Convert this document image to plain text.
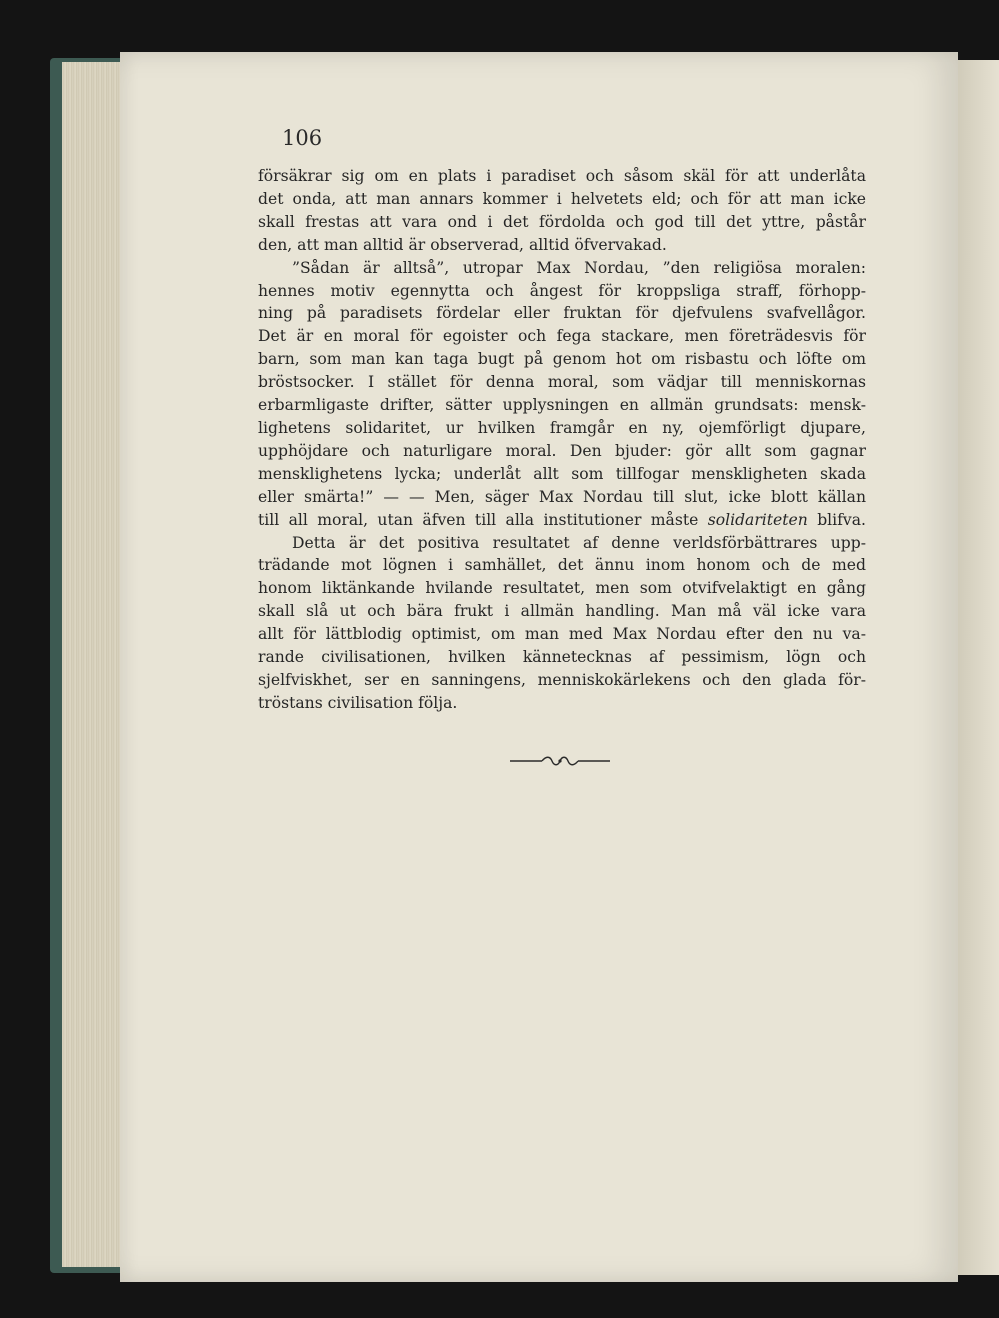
106
försäkrar sig om en plats i paradiset och såsom skäl för att underlåta
det onda, att man annars kommer i helvetets eld; och för att man icke
skall frestas att vara ond i det fördolda och god till det yttre, påstår
den, att man alltid är observerad, alltid öfvervakad.
”Sådan är alltså”, utropar Max Nordau, ”den religiösa moralen:
hennes motiv egennytta och ångest för kroppsliga straff, förhopp-
ning på paradisets fördelar eller fruktan för djefvulens svafvellågor.
Det är en moral för egoister och fega stackare, men företrädesvis för
barn, som man kan taga bugt på genom hot om risbastu och löfte om
bröstsocker. I stället för denna moral, som vädjar till menniskornas
erbarmligaste drifter, sätter upplysningen en allmän grundsats: mensk-
lighetens solidaritet, ur hvilken framgår en ny, ojemförligt djupare,
upphöjdare och naturligare moral. Den bjuder: gör allt som gagnar
mensklighetens lycka; underlåt allt som tillfogar menskligheten skada
eller smärta!” — — Men, säger Max Nordau till slut, icke blott källan
till all moral, utan äfven till alla institutioner måste solidariteten blifva.
Detta är det positiva resultatet af denne verldsförbättrares upp-
trädande mot lögnen i samhället, det ännu inom honom och de med
honom liktänkande hvilande resultatet, men som otvifvelaktigt en gång
skall slå ut och bära frukt i allmän handling. Man må väl icke vara
allt för lättblodig optimist, om man med Max Nordau efter den nu va-
rande civilisationen, hvilken kännetecknas af pessimism, lögn och
sjelfviskhet, ser en sanningens, menniskokärlekens och den glada för-
tröstans civilisation följa.
